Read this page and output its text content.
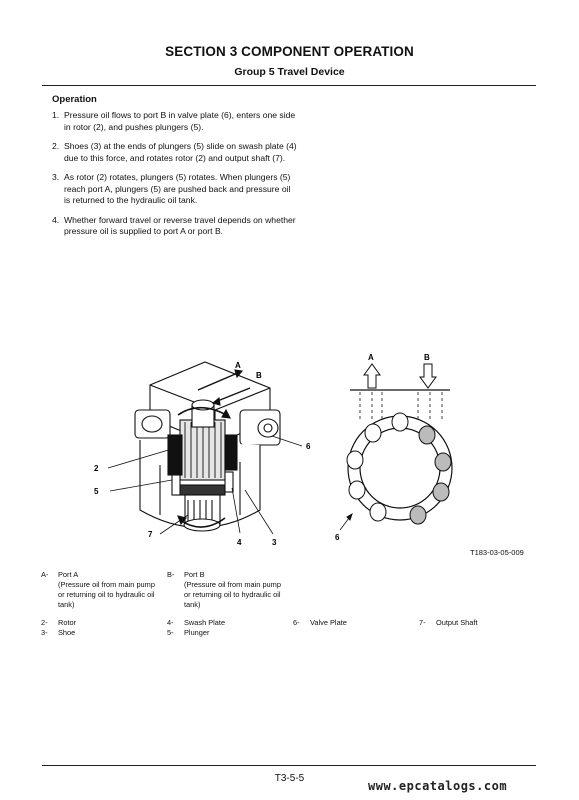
SECTION 3 COMPONENT OPERATION
Group 5 Travel Device
Operation
1. Pressure oil flows to port B in valve plate (6), enters one side in rotor (2), and pushes plungers (5).
2. Shoes (3) at the ends of plungers (5) slide on swash plate (4) due to this force, and rotates rotor (2) and output shaft (7).
3. As rotor (2) rotates, plungers (5) rotates. When plungers (5) reach port A, plungers (5) are pushed back and pressure oil is returned to the hydraulic oil tank.
4. Whether forward travel or reverse travel depends on whether pressure oil is supplied to port A or port B.
A
B
2
5
7
4	3
6
A	B
6
T183-03-05-009
A- Port A
(Pressure oil from main pump
or returning oil to hydraulic oil
tank)
B- Port B
(Pressure oil from main pump
or returning oil to hydraulic oil
tank)
2- Rotor
3- Shoe
4- Swash Plate
5- Plunger
6- Valve Plate	7- Output Shaft
T3-5-5
www.epcatalogs.com
